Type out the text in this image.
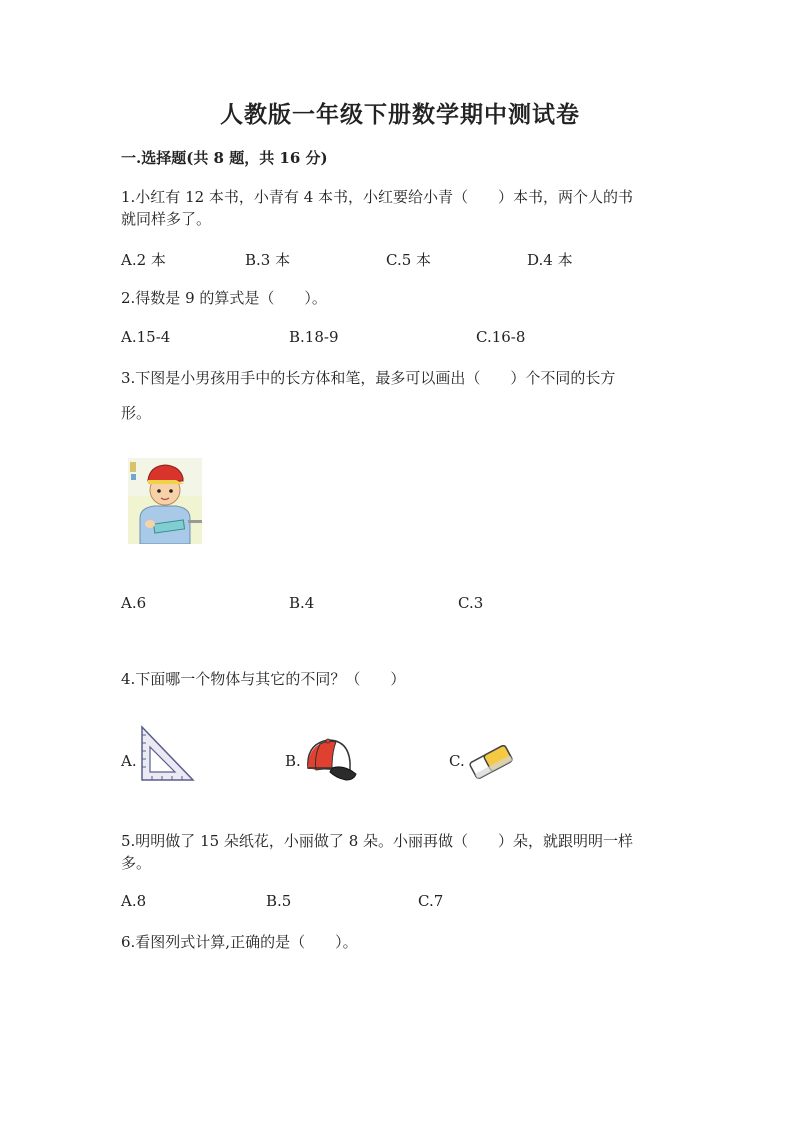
人教版一年级下册数学期中测试卷
一.选择题(共 8 题，共 16 分)
1.小红有 12 本书，小青有 4 本书，小红要给小青（　　）本书，两个人的书
就同样多了。
A.2 本	B.3 本	C.5 本	D.4 本
2.得数是 9 的算式是（　　）。
A.15-4	B.18-9	C.16-8
3.下图是小男孩用手中的长方体和笔，最多可以画出（　　）个不同的长方
形。
A.6	B.4	C.3
4.下面哪一个物体与其它的不同？（　　）
A.	B.	C.
5.明明做了 15 朵纸花，小丽做了 8 朵。小丽再做（　　）朵，就跟明明一样
多。
A.8	B.5	C.7
6.看图列式计算,正确的是（　　）。
